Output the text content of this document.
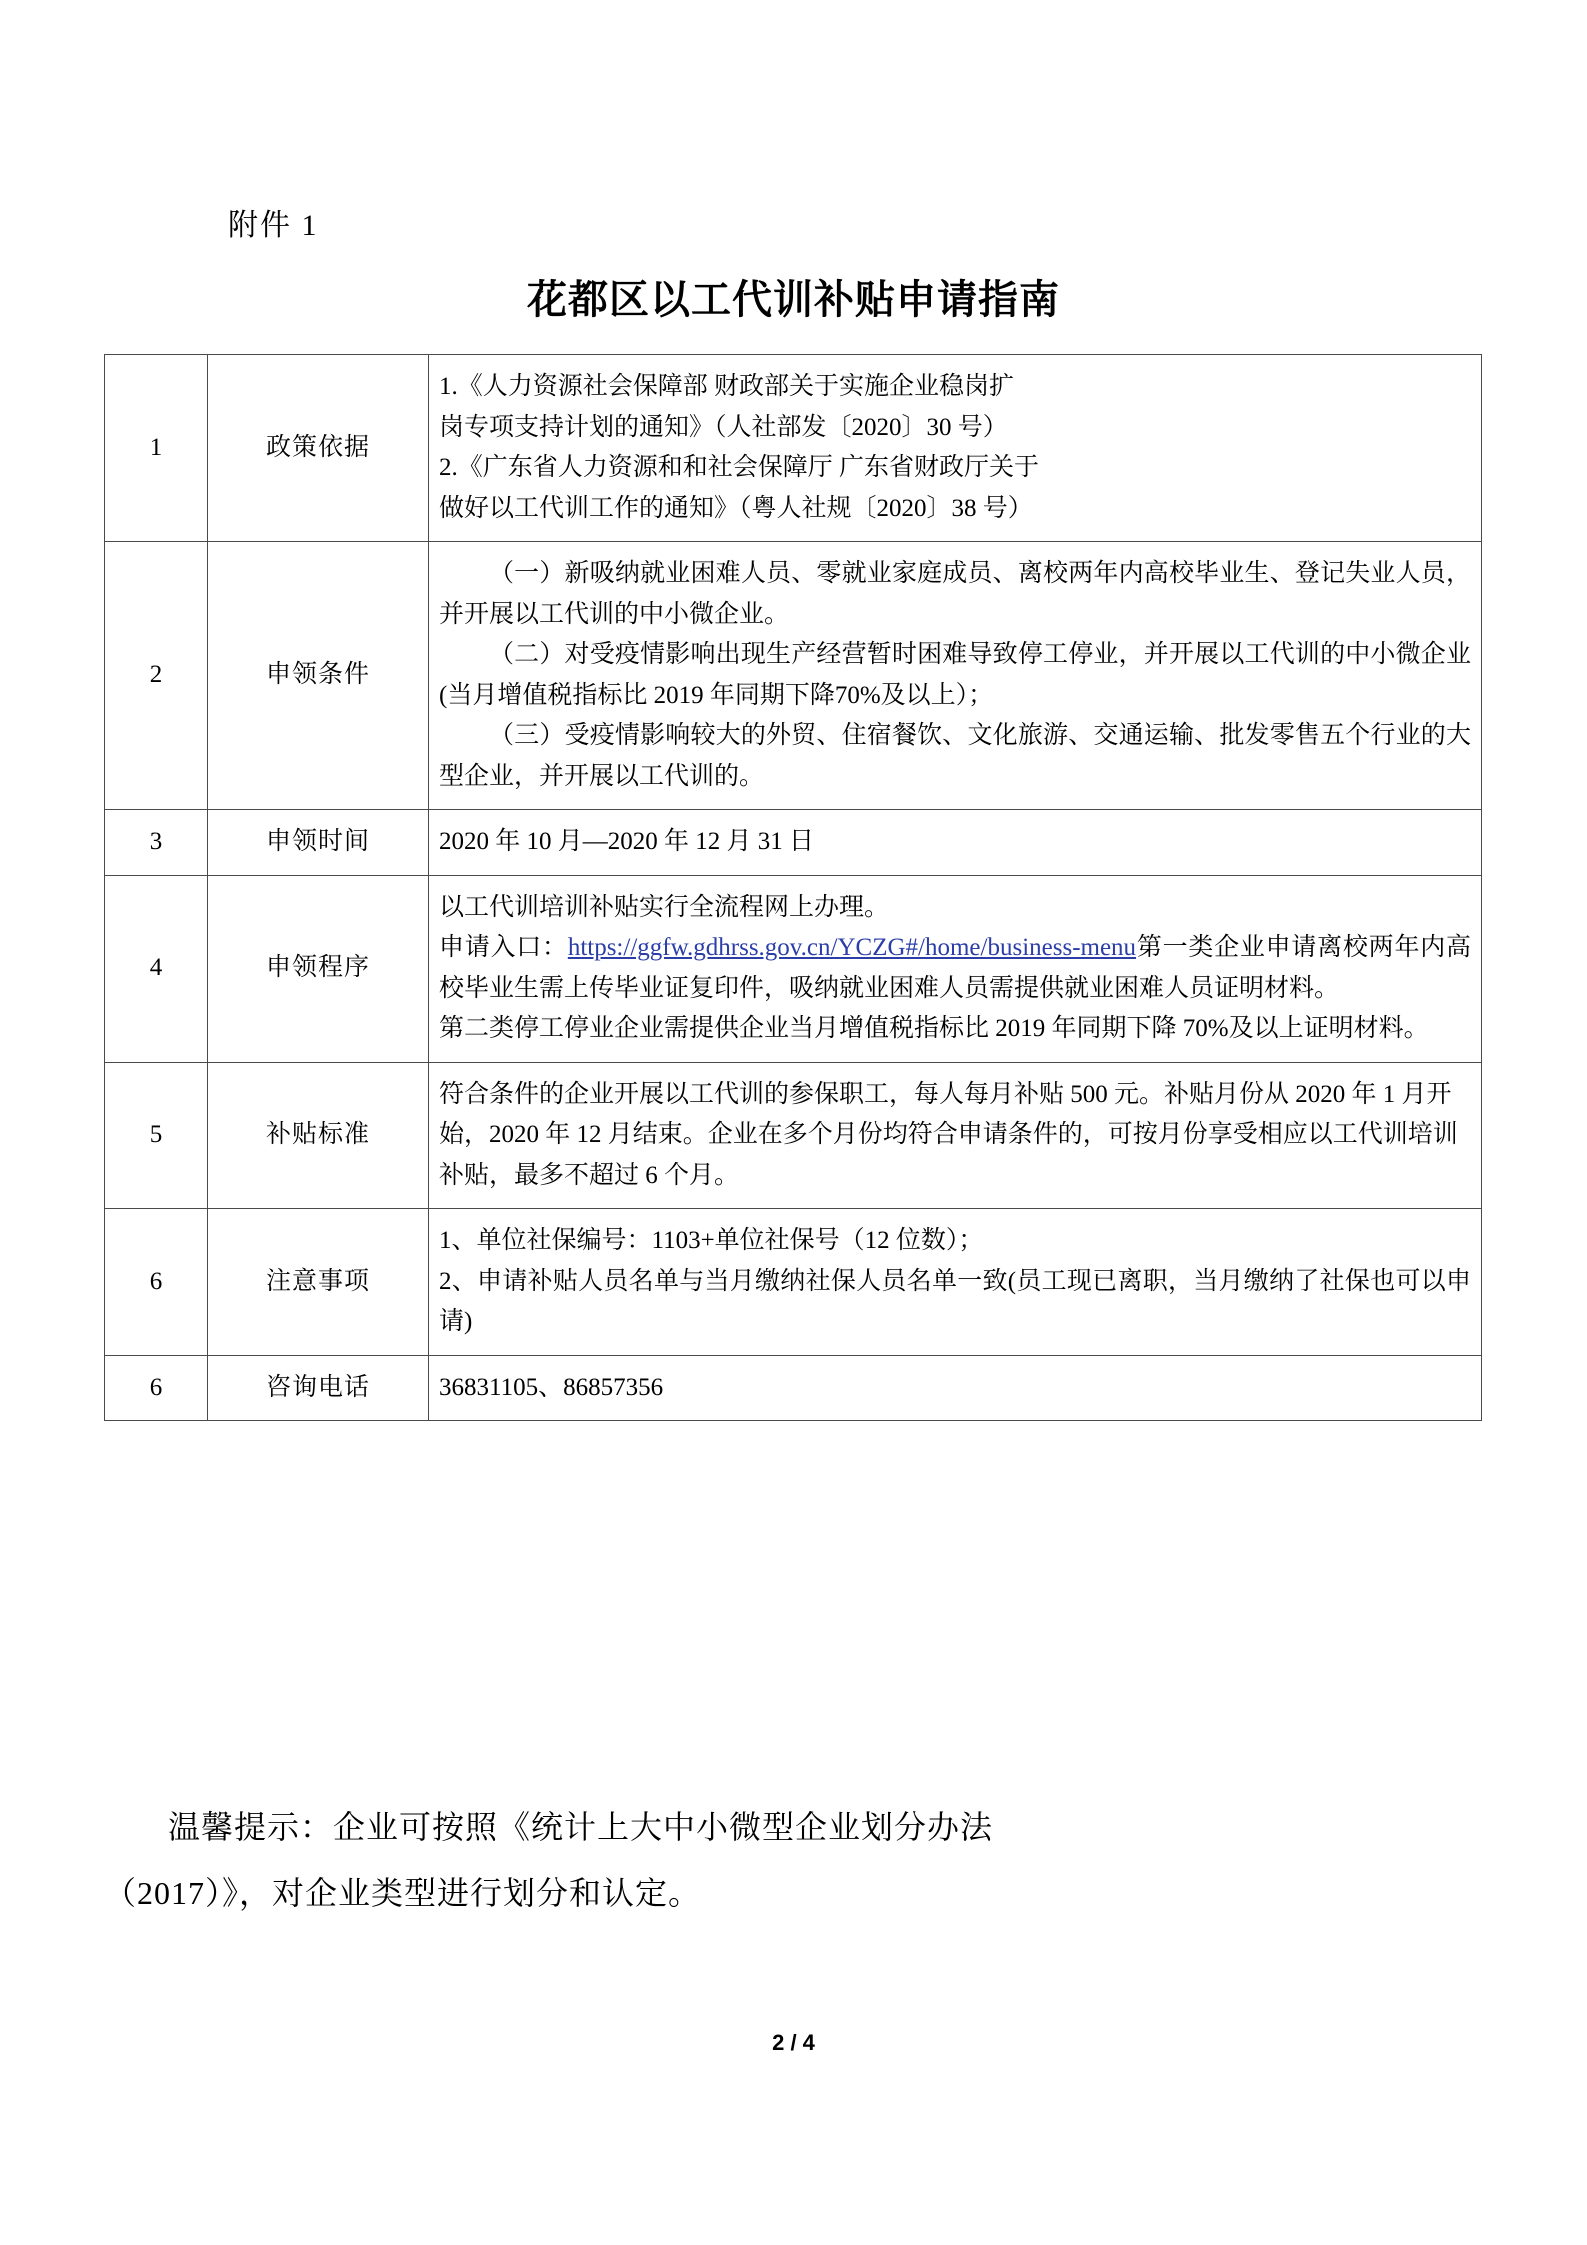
附件 1
花都区以工代训补贴申请指南
1	政策依据	1.《人力资源社会保障部 财政部关于实施企业稳岗扩

岗专项支持计划的通知》（人社部发〔2020〕30 号）

2.《广东省人力资源和和社会保障厅 广东省财政厅关于

做好以工代训工作的通知》（粤人社规〔2020〕38 号）

2	申领条件	（一）新吸纳就业困难人员、零就业家庭成员、离校两年内高校毕业生、登记失业人员，并开展以工代训的中小微企业。

（二）对受疫情影响出现生产经营暂时困难导致停工停业，并开展以工代训的中小微企业(当月增值税指标比 2019 年同期下降70%及以上）；

（三）受疫情影响较大的外贸、住宿餐饮、文化旅游、交通运输、批发零售五个行业的大型企业，并开展以工代训的。

3	申领时间	2020 年 10 月—2020 年 12 月 31 日
4	申领程序	以工代训培训补贴实行全流程网上办理。

申请入口：https://ggfw.gdhrss.gov.cn/YCZG#/home/business-menu第一类企业申请离校两年内高校毕业生需上传毕业证复印件，吸纳就业困难人员需提供就业困难人员证明材料。

第二类停工停业企业需提供企业当月增值税指标比 2019 年同期下降 70%及以上证明材料。

5	补贴标准	符合条件的企业开展以工代训的参保职工，每人每月补贴 500 元。补贴月份从 2020 年 1 月开始，2020 年 12 月结束。企业在多个月份均符合申请条件的，可按月份享受相应以工代训培训补贴，最多不超过 6 个月。
6	注意事项	1、单位社保编号：1103+单位社保号（12 位数）；

2、申请补贴人员名单与当月缴纳社保人员名单一致(员工现已离职，当月缴纳了社保也可以申请)

6	咨询电话	36831105、86857356

温馨提示：企业可按照《统计上大中小微型企业划分办法

（2017）》，对企业类型进行划分和认定。

2 / 4
